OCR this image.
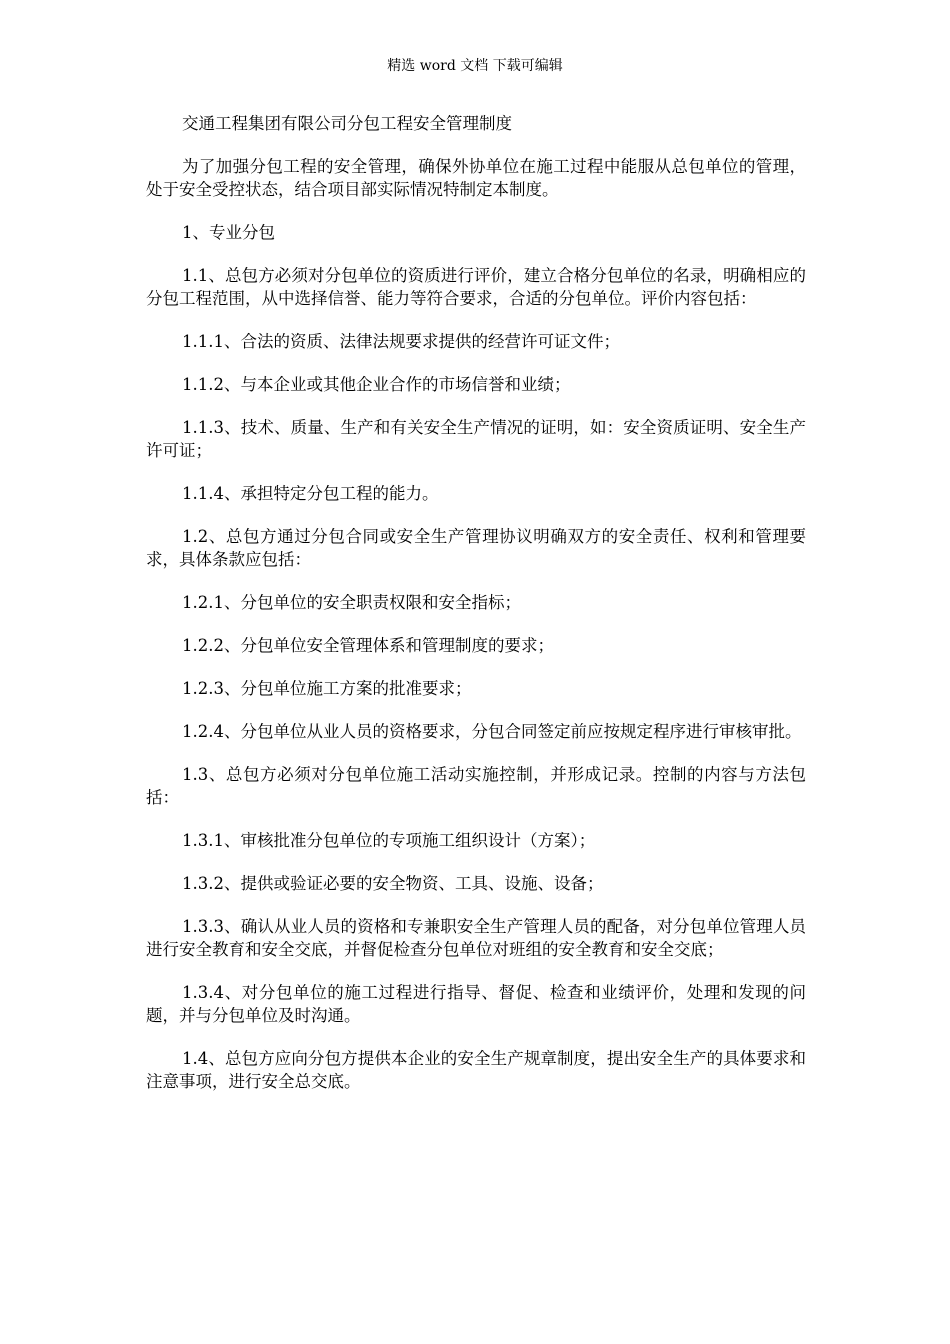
精选 word 文档 下载可编辑

交通工程集团有限公司分包工程安全管理制度

为了加强分包工程的安全管理，确保外协单位在施工过程中能服从总包单位的管理，处于安全受控状态，结合项目部实际情况特制定本制度。

1、专业分包

1.1、总包方必须对分包单位的资质进行评价，建立合格分包单位的名录，明确相应的分包工程范围，从中选择信誉、能力等符合要求，合适的分包单位。评价内容包括：

1.1.1、合法的资质、法律法规要求提供的经营许可证文件；

1.1.2、与本企业或其他企业合作的市场信誉和业绩；

1.1.3、技术、质量、生产和有关安全生产情况的证明，如：安全资质证明、安全生产许可证；

1.1.4、承担特定分包工程的能力。

1.2、总包方通过分包合同或安全生产管理协议明确双方的安全责任、权利和管理要求，具体条款应包括：

1.2.1、分包单位的安全职责权限和安全指标；

1.2.2、分包单位安全管理体系和管理制度的要求；

1.2.3、分包单位施工方案的批准要求；

1.2.4、分包单位从业人员的资格要求，分包合同签定前应按规定程序进行审核审批。

1.3、总包方必须对分包单位施工活动实施控制，并形成记录。控制的内容与方法包括：

1.3.1、审核批准分包单位的专项施工组织设计（方案）；

1.3.2、提供或验证必要的安全物资、工具、设施、设备；

1.3.3、确认从业人员的资格和专兼职安全生产管理人员的配备，对分包单位管理人员进行安全教育和安全交底，并督促检查分包单位对班组的安全教育和安全交底；

1.3.4、对分包单位的施工过程进行指导、督促、检查和业绩评价，处理和发现的问题，并与分包单位及时沟通。

1.4、总包方应向分包方提供本企业的安全生产规章制度，提出安全生产的具体要求和注意事项，进行安全总交底。
